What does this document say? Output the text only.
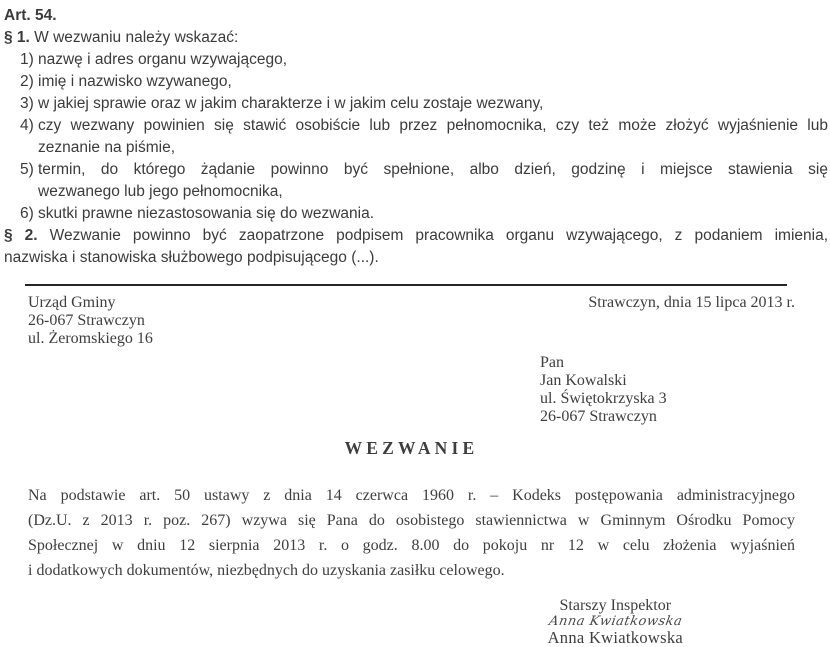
Art. 54.
§ 1. W wezwaniu należy wskazać:
1) nazwę i adres organu wzywającego,
2) imię i nazwisko wzywanego,
3) w jakiej sprawie oraz w jakim charakterze i w jakim celu zostaje wezwany,
4) czy wezwany powinien się stawić osobiście lub przez pełnomocnika, czy też może złożyć wyjaśnienie lub
zeznanie na piśmie,
5) termin, do którego żądanie powinno być spełnione, albo dzień, godzinę i miejsce stawienia się
wezwanego lub jego pełnomocnika,
6) skutki prawne niezastosowania się do wezwania.
§ 2. Wezwanie powinno być zaopatrzone podpisem pracownika organu wzywającego, z podaniem imienia,
nazwiska i stanowiska służbowego podpisującego (...).
Urząd Gminy
26-067 Strawczyn
ul. Żeromskiego 16
Strawczyn, dnia 15 lipca 2013 r.
Pan
Jan Kowalski
ul. Świętokrzyska 3
26-067 Strawczyn
WEZWANIE
Na podstawie art. 50 ustawy z dnia 14 czerwca 1960 r. – Kodeks postępowania administracyjnego
(Dz.U. z 2013 r. poz. 267) wzywa się Pana do osobistego stawiennictwa w Gminnym Ośrodku Pomocy
Społecznej w dniu 12 sierpnia 2013 r. o godz. 8.00 do pokoju nr 12 w celu złożenia wyjaśnień
i dodatkowych dokumentów, niezbędnych do uzyskania zasiłku celowego.
Starszy Inspektor
Anna Kwiatkowska
Anna Kwiatkowska
